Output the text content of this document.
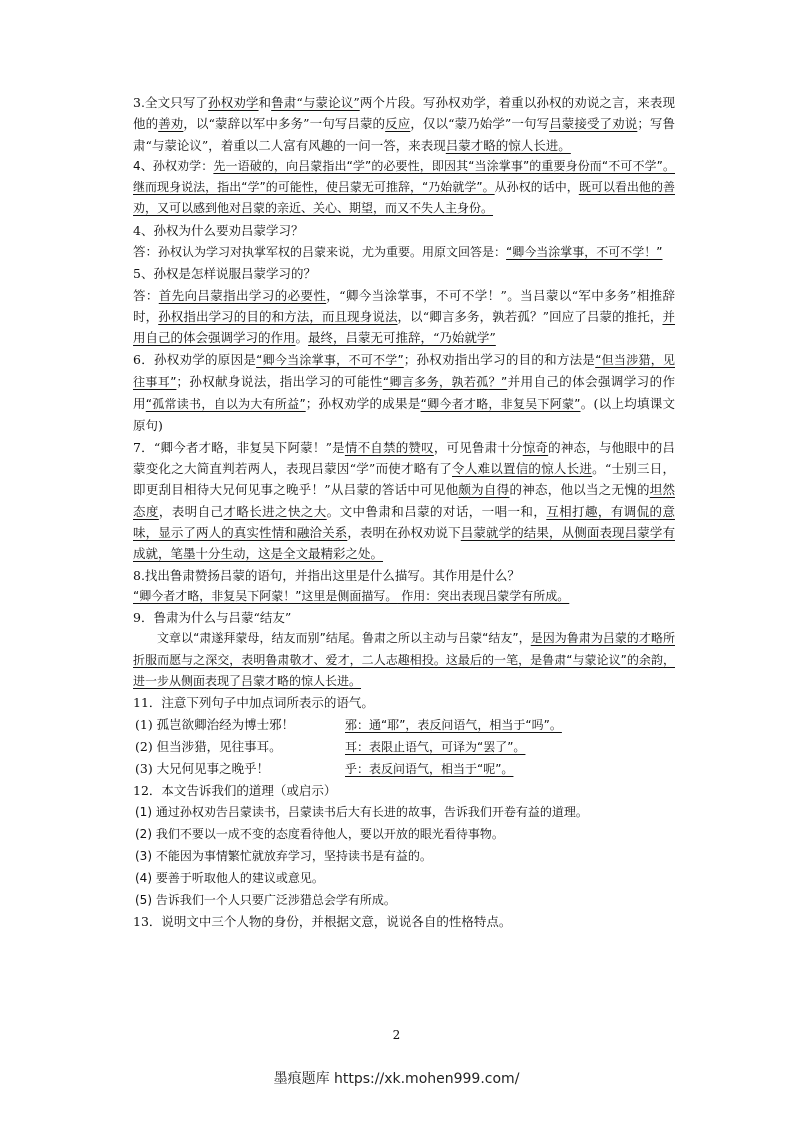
3.全文只写了孙权劝学和鲁肃“与蒙论议”两个片段。写孙权劝学，着重以孙权的劝说之言，来表现他的善劝，以“蒙辞以军中多务”一句写吕蒙的反应，仅以“蒙乃始学”一句写吕蒙接受了劝说；写鲁肃“与蒙论议”，着重以二人富有风趣的一问一答，来表现吕蒙才略的惊人长进。

4、孙权劝学：先一语破的，向吕蒙指出“学”的必要性，即因其“当涂掌事”的重要身份而“不可不学”。继而现身说法，指出“学”的可能性，使吕蒙无可推辞，“乃始就学”。从孙权的话中，既可以看出他的善劝，又可以感到他对吕蒙的亲近、关心、期望，而又不失人主身份。

4、孙权为什么要劝吕蒙学习？

答：孙权认为学习对执掌军权的吕蒙来说，尤为重要。用原文回答是：“卿今当涂掌事，不可不学！”

5、孙权是怎样说服吕蒙学习的？

答：首先向吕蒙指出学习的必要性，“卿今当涂掌事，不可不学！”。当吕蒙以“军中多务”相推辞时，孙权指出学习的目的和方法，而且现身说法，以“卿言多务，孰若孤？”回应了吕蒙的推托，并用自己的体会强调学习的作用。最终，吕蒙无可推辞，“乃始就学”

6．孙权劝学的原因是“卿今当涂掌事，不可不学”；孙权劝指出学习的目的和方法是“但当涉猎，见往事耳”；孙权献身说法，指出学习的可能性“卿言多务，孰若孤？”并用自己的体会强调学习的作用“孤常读书，自以为大有所益”；孙权劝学的成果是“卿今者才略，非复吴下阿蒙”。(以上均填课文原句)

7．“卿今者才略，非复吴下阿蒙！”是情不自禁的赞叹，可见鲁肃十分惊奇的神态，与他眼中的吕蒙变化之大简直判若两人，表现吕蒙因“学”而使才略有了令人难以置信的惊人长进。“士别三日，即更刮目相待大兄何见事之晚乎！”从吕蒙的答话中可见他颇为自得的神态，他以当之无愧的坦然态度，表明自己才略长进之快之大。文中鲁肃和吕蒙的对话，一唱一和，互相打趣，有调侃的意味，显示了两人的真实性情和融洽关系，表明在孙权劝说下吕蒙就学的结果，从侧面表现吕蒙学有成就，笔墨十分生动，这是全文最精彩之处。

8.找出鲁肃赞扬吕蒙的语句，并指出这里是什么描写。其作用是什么？

“卿今者才略，非复吴下阿蒙！”这里是侧面描写。 作用：突出表现吕蒙学有所成。

9．鲁肃为什么与吕蒙“结友”

文章以“肃遂拜蒙母，结友而别”结尾。鲁肃之所以主动与吕蒙“结友”，是因为鲁肃为吕蒙的才略所折服而愿与之深交，表明鲁肃敬才、爱才，二人志趣相投。这最后的一笔，是鲁肃“与蒙论议”的余韵，进一步从侧面表现了吕蒙才略的惊人长进。

11．注意下列句子中加点词所表示的语气。

(1) 孤岂欲卿治经为博士邪！	邪：通“耶”，表反问语气，相当于“吗”。
(2) 但当涉猎，见往事耳。	耳：表限止语气，可译为“罢了”。
(3) 大兄何见事之晚乎！	乎：表反问语气，相当于“呢”。

12．本文告诉我们的道理（或启示）

(1) 通过孙权劝告吕蒙读书，吕蒙读书后大有长进的故事，告诉我们开卷有益的道理。

(2) 我们不要以一成不变的态度看待他人，要以开放的眼光看待事物。

(3) 不能因为事情繁忙就放弃学习，坚持读书是有益的。

(4) 要善于听取他人的建议或意见。

(5) 告诉我们一个人只要广泛涉猎总会学有所成。

13．说明文中三个人物的身份，并根据文意，说说各自的性格特点。

2
墨痕题库 https://xk.mohen999.com/
